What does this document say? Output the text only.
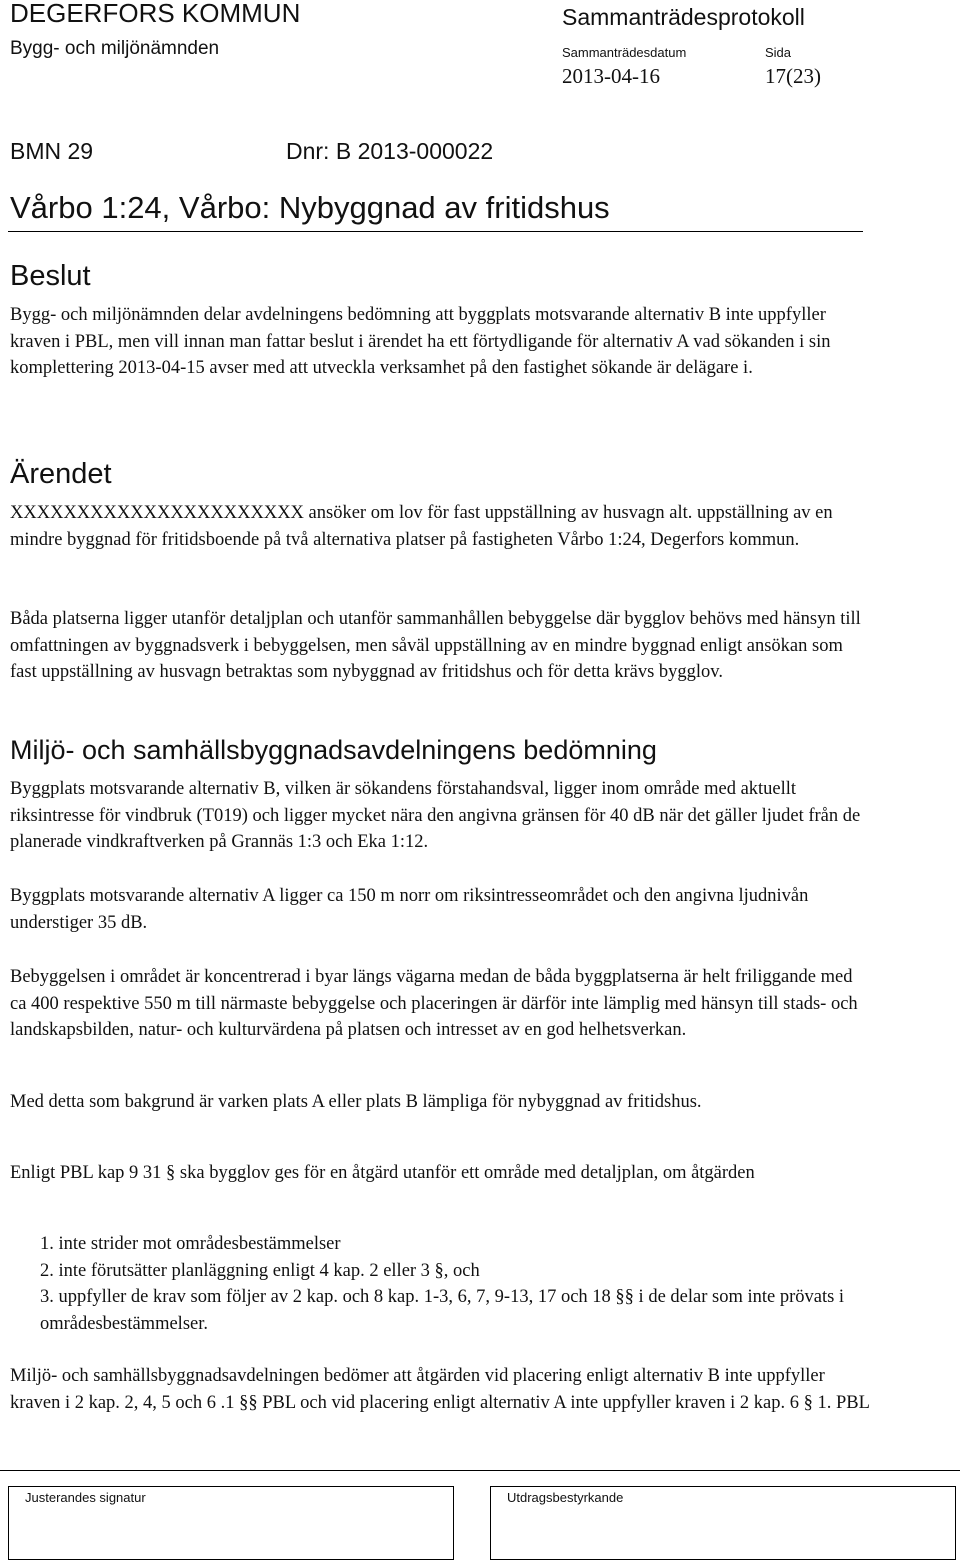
DEGERFORS KOMMUN	Sammanträdesprotokoll
Bygg- och miljönämnden	Sammanträdesdatum	Sida
2013-04-16	17(23)
BMN 29	Dnr: B 2013-000022
Vårbo 1:24, Vårbo: Nybyggnad av fritidshus
Beslut

Bygg- och miljönämnden delar avdelningens bedömning att byggplats motsvarande alternativ B inte uppfyller kraven i PBL, men vill innan man fattar beslut i ärendet ha ett förtydligande för alternativ A vad sökanden i sin komplettering 2013-04-15 avser med att utveckla verksamhet på den fastighet sökande är delägare i.

Ärendet

XXXXXXXXXXXXXXXXXXXXXX ansöker om lov för fast uppställning av husvagn alt. uppställning av en mindre byggnad för fritidsboende på två alternativa platser på fastigheten Vårbo 1:24, Degerfors kommun.

Båda platserna ligger utanför detaljplan och utanför sammanhållen bebyggelse där bygglov behövs med hänsyn till omfattningen av byggnadsverk i bebyggelsen, men såväl uppställning av en mindre byggnad enligt ansökan som fast uppställning av husvagn betraktas som nybyggnad av fritidshus och för detta krävs bygglov.

Miljö- och samhällsbyggnadsavdelningens bedömning

Byggplats motsvarande alternativ B, vilken är sökandens förstahandsval, ligger inom område med aktuellt riksintresse för vindbruk (T019) och ligger mycket nära den angivna gränsen för 40 dB när det gäller ljudet från de planerade vindkraftverken på Grannäs 1:3 och Eka 1:12.

Byggplats motsvarande alternativ A ligger ca 150 m norr om riksintresseområdet och den angivna ljudnivån understiger 35 dB.

Bebyggelsen i området är koncentrerad i byar längs vägarna medan de båda byggplatserna är helt friliggande med ca 400 respektive 550 m till närmaste bebyggelse och placeringen är därför inte lämplig med hänsyn till stads- och landskapsbilden, natur- och kulturvärdena på platsen och intresset av en god helhetsverkan.

Med detta som bakgrund är varken plats A eller plats B lämpliga för nybyggnad av fritidshus.

Enligt PBL kap 9 31 § ska bygglov ges för en åtgärd utanför ett område med detaljplan, om åtgärden

1. inte strider mot områdesbestämmelser
2. inte förutsätter planläggning enligt 4 kap. 2 eller 3 §, och
3. uppfyller de krav som följer av 2 kap. och 8 kap. 1-3, 6, 7, 9-13, 17 och 18 §§ i de delar som inte prövats i områdesbestämmelser.

Miljö- och samhällsbyggnadsavdelningen bedömer att åtgärden vid placering enligt alternativ B inte uppfyller kraven i 2 kap. 2, 4, 5 och 6 .1 §§ PBL och vid placering enligt alternativ A inte uppfyller kraven i 2 kap. 6 § 1. PBL

Justerandes signatur	Utdragsbestyrkande
